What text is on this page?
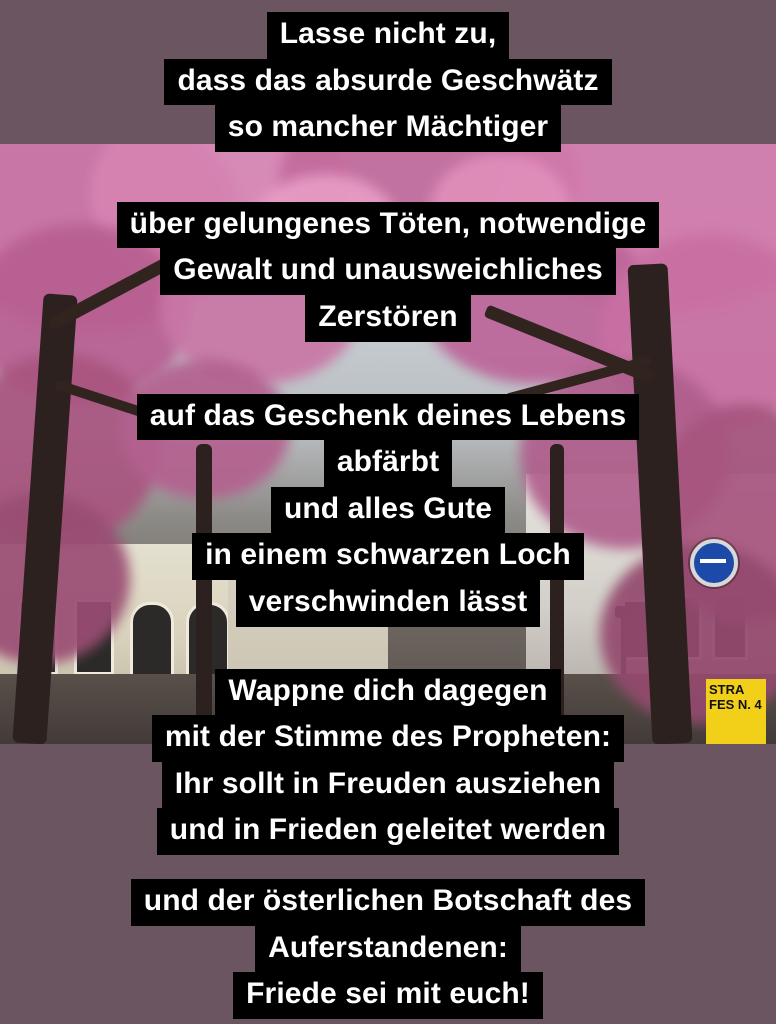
STRA FES N. 4
Lasse nicht zu,
dass das absurde Geschwätz
so mancher Mächtiger
über gelungenes Töten, notwendige
Gewalt und unausweichliches
Zerstören
auf das Geschenk deines Lebens
abfärbt
und alles Gute
in einem schwarzen Loch
verschwinden lässt
Wappne dich dagegen
mit der Stimme des Propheten:
Ihr sollt in Freuden ausziehen
und in Frieden geleitet werden
und der österlichen Botschaft des
Auferstandenen:
Friede sei mit euch!
